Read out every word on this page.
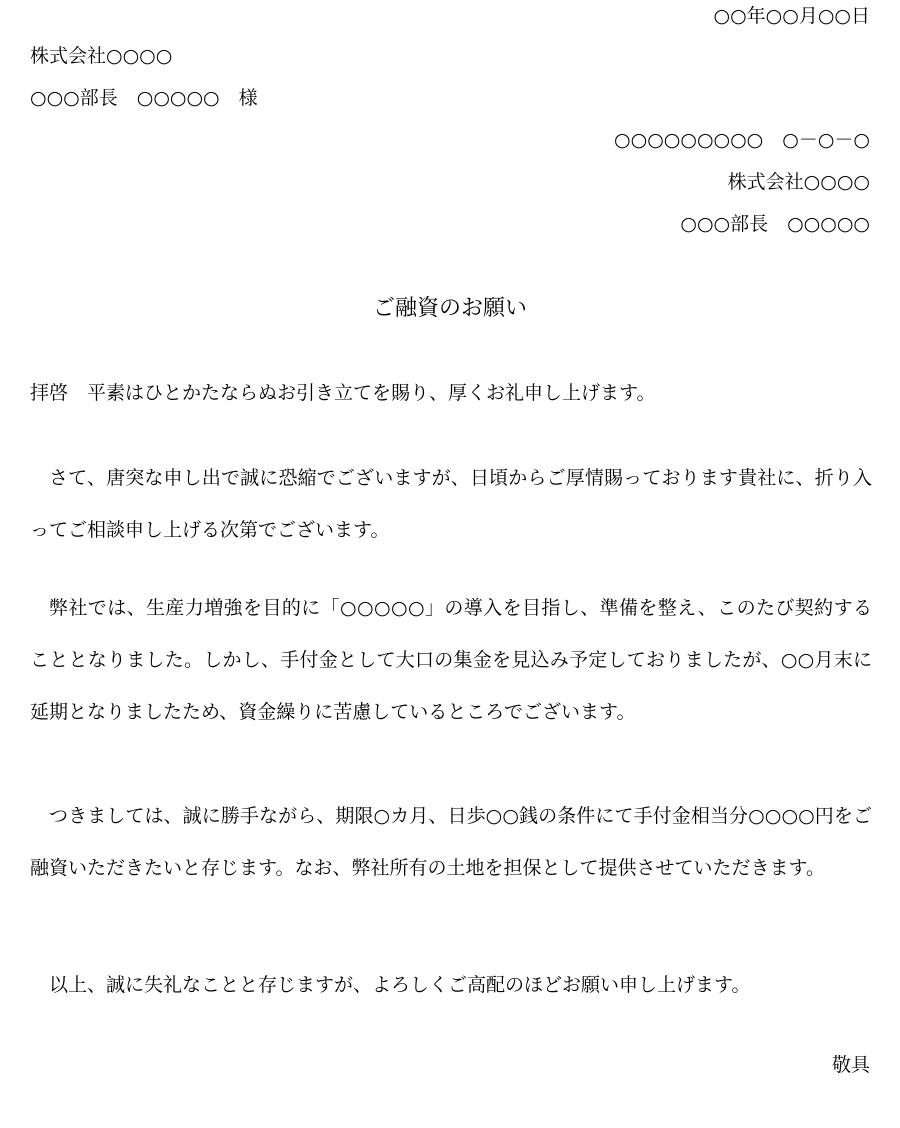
○○年○○月○○日
株式会社○○○○
○○○部長　○○○○○　様
○○○○○○○○○　○－○－○
株式会社○○○○
○○○部長　○○○○○
ご融資のお願い
拝啓　平素はひとかたならぬお引き立てを賜り、厚くお礼申し上げます。

さて、唐突な申し出で誠に恐縮でございますが、日頃からご厚情賜っております貴社に、折り入ってご相談申し上げる次第でございます。

弊社では、生産力増強を目的に「○○○○○」の導入を目指し、準備を整え、このたび契約することとなりました。しかし、手付金として大口の集金を見込み予定しておりましたが、○○月末に延期となりましたため、資金繰りに苦慮しているところでございます。

つきましては、誠に勝手ながら、期限○カ月、日歩○○銭の条件にて手付金相当分○○○○円をご融資いただきたいと存じます。なお、弊社所有の土地を担保として提供させていただきます。

以上、誠に失礼なことと存じますが、よろしくご高配のほどお願い申し上げます。

敬具
